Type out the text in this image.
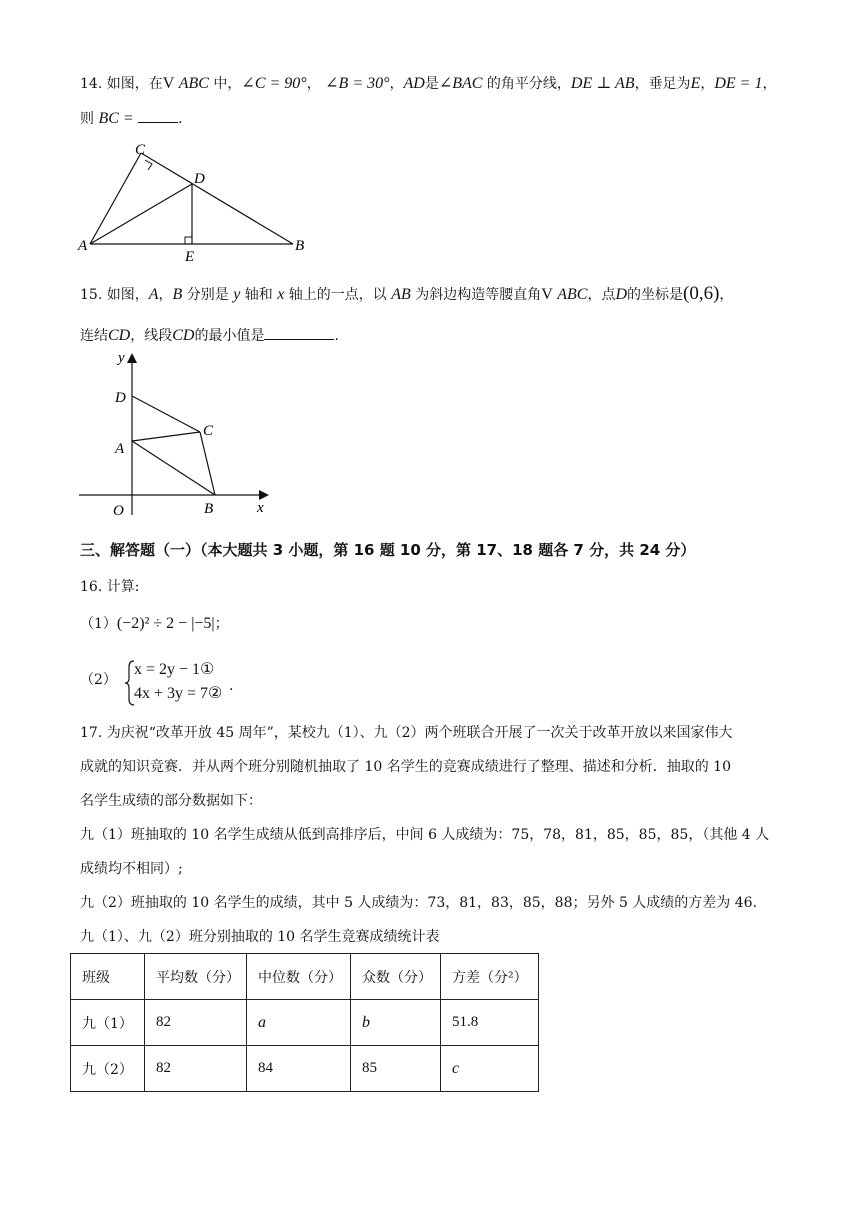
14. 如图，在V ABC 中，∠C = 90°， ∠B = 30°，AD是∠BAC 的角平分线，DE ⊥ AB，垂足为E，DE = 1，
则 BC =	.
C
D
A
E
B
15. 如图，A，B 分别是 y 轴和 x 轴上的一点，以 AB 为斜边构造等腰直角V ABC，点D的坐标是(0,6)，
连结CD，线段CD的最小值是	.
y
x
D
C
A
O	B
三、解答题（一）（本大题共 3 小题，第 16 题 10 分，第 17、18 题各 7 分，共 24 分）
16. 计算:
（1）(−2)² ÷ 2 − |−5|；
（2）
x = 2y − 1①
4x + 3y = 7② .
17. 为庆祝“改革开放 45 周年”，某校九（1）、九（2）两个班联合开展了一次关于改革开放以来国家伟大
成就的知识竞赛．并从两个班分别随机抽取了 10 名学生的竞赛成绩进行了整理、描述和分析．抽取的 10
名学生成绩的部分数据如下：
九（1）班抽取的 10 名学生成绩从低到高排序后，中间 6 人成绩为：75，78，81，85，85，85，（其他 4 人
成绩均不相同）;
九（2）班抽取的 10 名学生的成绩，其中 5 人成绩为：73，81，83，85，88；另外 5 人成绩的方差为 46.
九（1）、九（2）班分别抽取的 10 名学生竞赛成绩统计表
班级	平均数（分）	中位数（分）	众数（分）	方差（分²）
九（1）	82	a	b	51.8
九（2）	82	84	85	c
